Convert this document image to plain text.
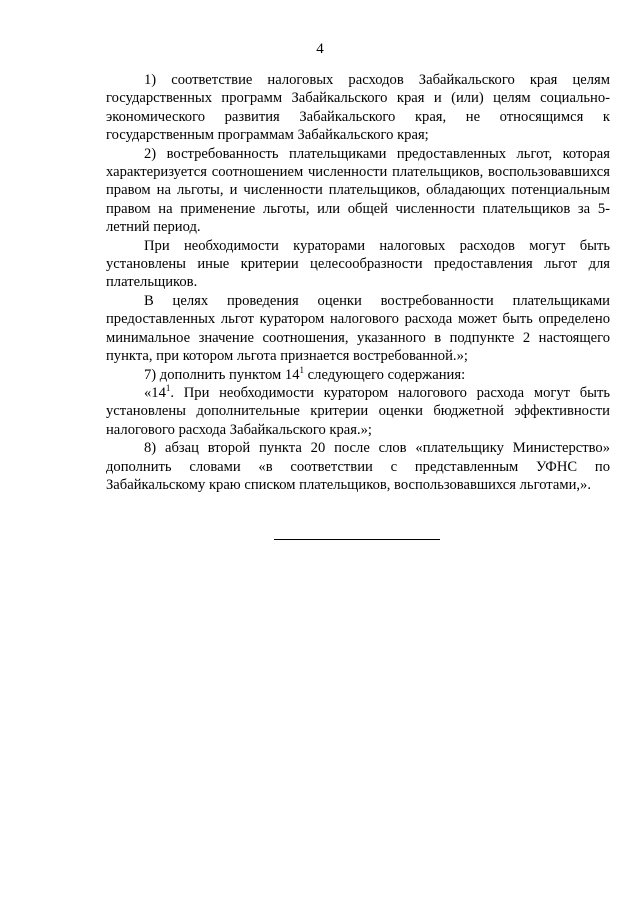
4

1) соответствие налоговых расходов Забайкальского края целям государственных программ Забайкальского края и (или) целям социально-экономического развития Забайкальского края, не относящимся к государственным программам Забайкальского края;

2) востребованность плательщиками предоставленных льгот, которая характеризуется соотношением численности плательщиков, воспользовавшихся правом на льготы, и численности плательщиков, обладающих потенциальным правом на применение льготы, или общей численности плательщиков за 5-летний период.

При необходимости кураторами налоговых расходов могут быть установлены иные критерии целесообразности предоставления льгот для плательщиков.

В целях проведения оценки востребованности плательщиками предоставленных льгот куратором налогового расхода может быть определено минимальное значение соотношения, указанного в подпункте 2 настоящего пункта, при котором льгота признается востребованной.»;

7) дополнить пунктом $14^1$ следующего содержания:

«$14^1$. При необходимости куратором налогового расхода могут быть установлены дополнительные критерии оценки бюджетной эффективности налогового расхода Забайкальского края.»;

8) абзац второй пункта 20 после слов «плательщику Министерство» дополнить словами «в соответствии с представленным УФНС по Забайкальскому краю списком плательщиков, воспользовавшихся льготами,».
